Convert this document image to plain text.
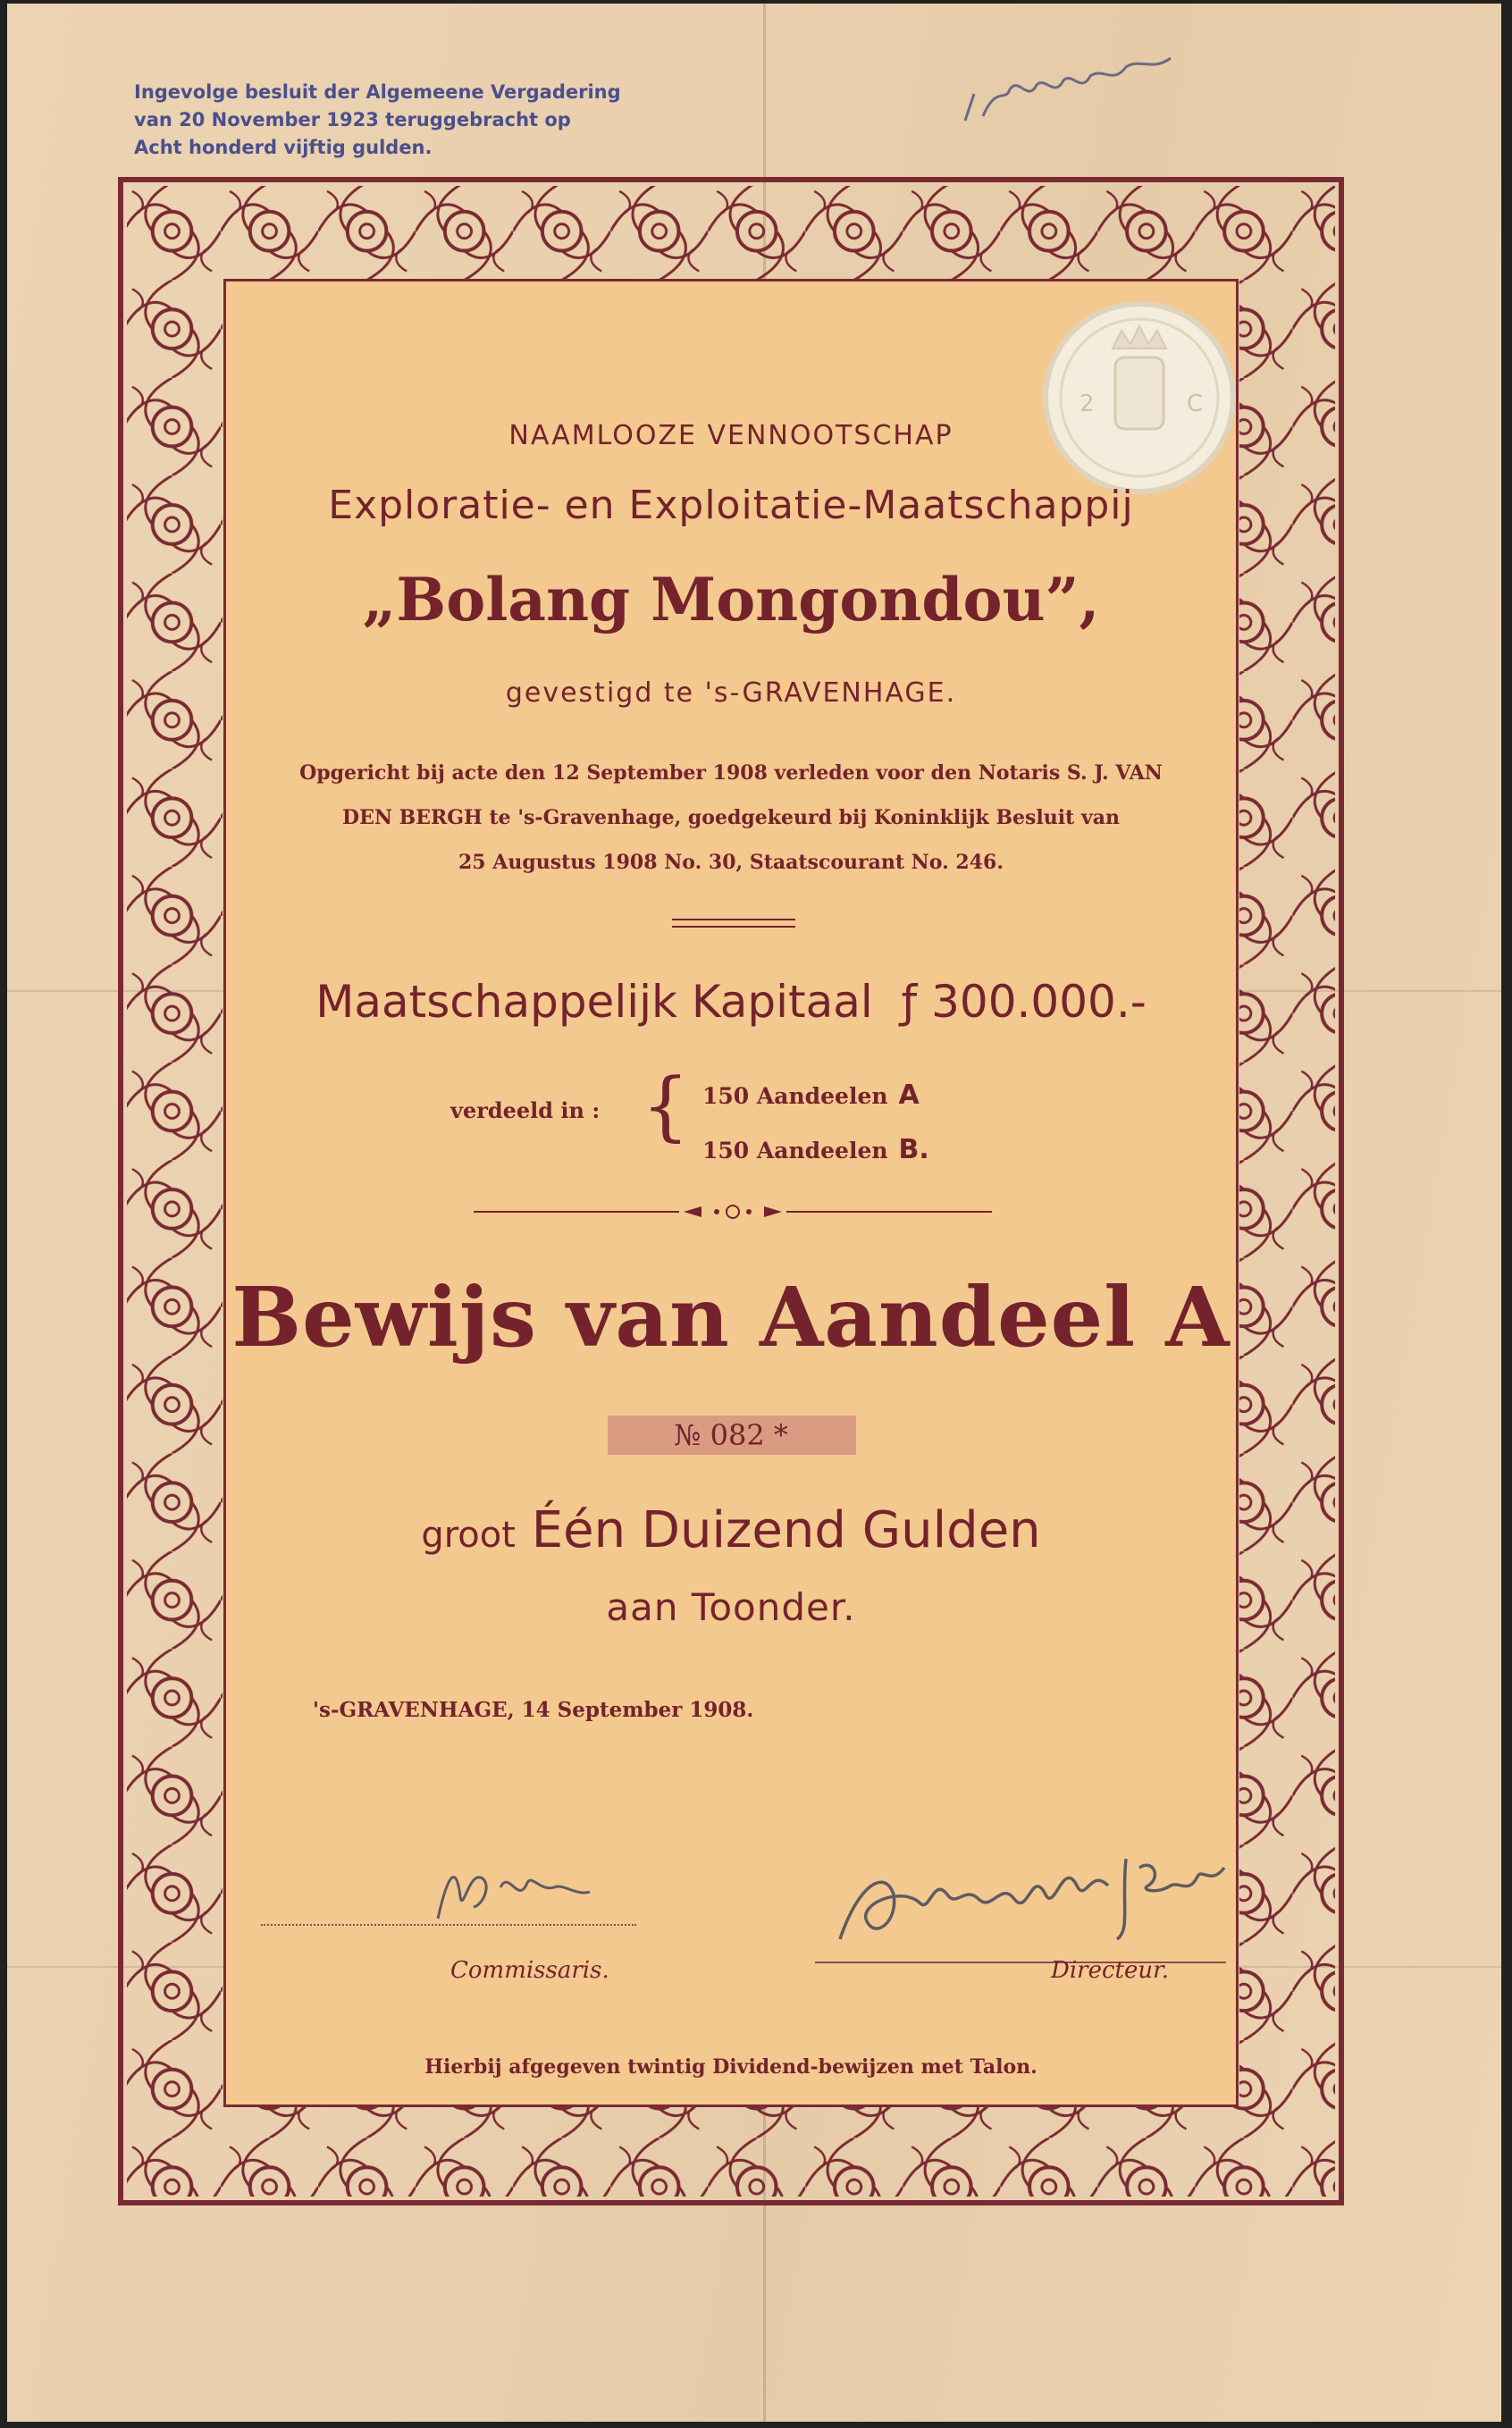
Ingevolge besluit der Algemeene Vergadering
van 20 November 1923 teruggebracht op
Acht honderd vijftig gulden.
2	C
NAAMLOOZE VENNOOTSCHAP
Exploratie- en Exploitatie-Maatschappij
„Bolang Mongondou”,
gevestigd te 's-GRAVENHAGE.
Opgericht bij acte den 12 September 1908 verleden voor den Notaris S. J. VAN
DEN BERGH te 's-Gravenhage, goedgekeurd bij Koninklijk Besluit van
25 Augustus 1908 No. 30, Staatscourant No. 246.
Maatschappelijk Kapitaal ƒ 300.000.-
verdeeld in : { 150 Aandeelen A
150 Aandeelen B.
Bewijs van Aandeel A
№ 082 *
groot Één Duizend Gulden
aan Toonder.
's-GRAVENHAGE, 14 September 1908.
Commissaris.	Directeur.
Hierbij afgegeven twintig Dividend-bewijzen met Talon.
